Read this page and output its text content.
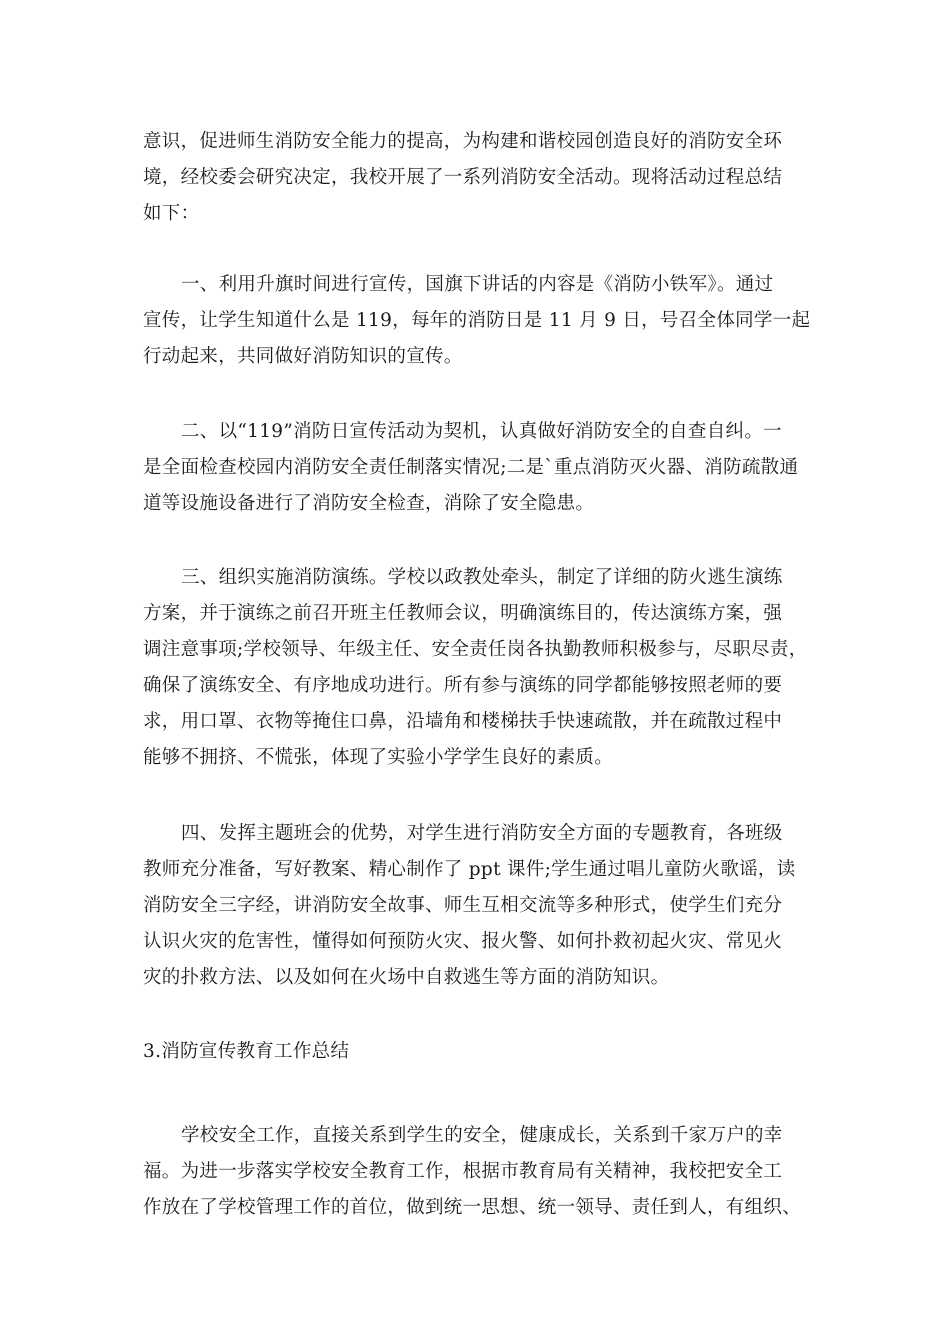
意识，促进师生消防安全能力的提高，为构建和谐校园创造良好的消防安全环
境，经校委会研究决定，我校开展了一系列消防安全活动。现将活动过程总结
如下：
一、利用升旗时间进行宣传，国旗下讲话的内容是《消防小铁军》。通过
宣传，让学生知道什么是 119，每年的消防日是 11 月 9 日，号召全体同学一起
行动起来，共同做好消防知识的宣传。
二、以“119”消防日宣传活动为契机，认真做好消防安全的自查自纠。一
是全面检查校园内消防安全责任制落实情况;二是`重点消防灭火器、消防疏散通
道等设施设备进行了消防安全检查，消除了安全隐患。
三、组织实施消防演练。学校以政教处牵头，制定了详细的防火逃生演练
方案，并于演练之前召开班主任教师会议，明确演练目的，传达演练方案，强
调注意事项;学校领导、年级主任、安全责任岗各执勤教师积极参与，尽职尽责，
确保了演练安全、有序地成功进行。所有参与演练的同学都能够按照老师的要
求，用口罩、衣物等掩住口鼻，沿墙角和楼梯扶手快速疏散，并在疏散过程中
能够不拥挤、不慌张，体现了实验小学学生良好的素质。
四、发挥主题班会的优势，对学生进行消防安全方面的专题教育，各班级
教师充分准备，写好教案、精心制作了 ppt 课件;学生通过唱儿童防火歌谣，读
消防安全三字经，讲消防安全故事、师生互相交流等多种形式，使学生们充分
认识火灾的危害性，懂得如何预防火灾、报火警、如何扑救初起火灾、常见火
灾的扑救方法、以及如何在火场中自救逃生等方面的消防知识。
3.消防宣传教育工作总结
学校安全工作，直接关系到学生的安全，健康成长，关系到千家万户的幸
福。为进一步落实学校安全教育工作，根据市教育局有关精神，我校把安全工
作放在了学校管理工作的首位，做到统一思想、统一领导、责任到人，有组织、
